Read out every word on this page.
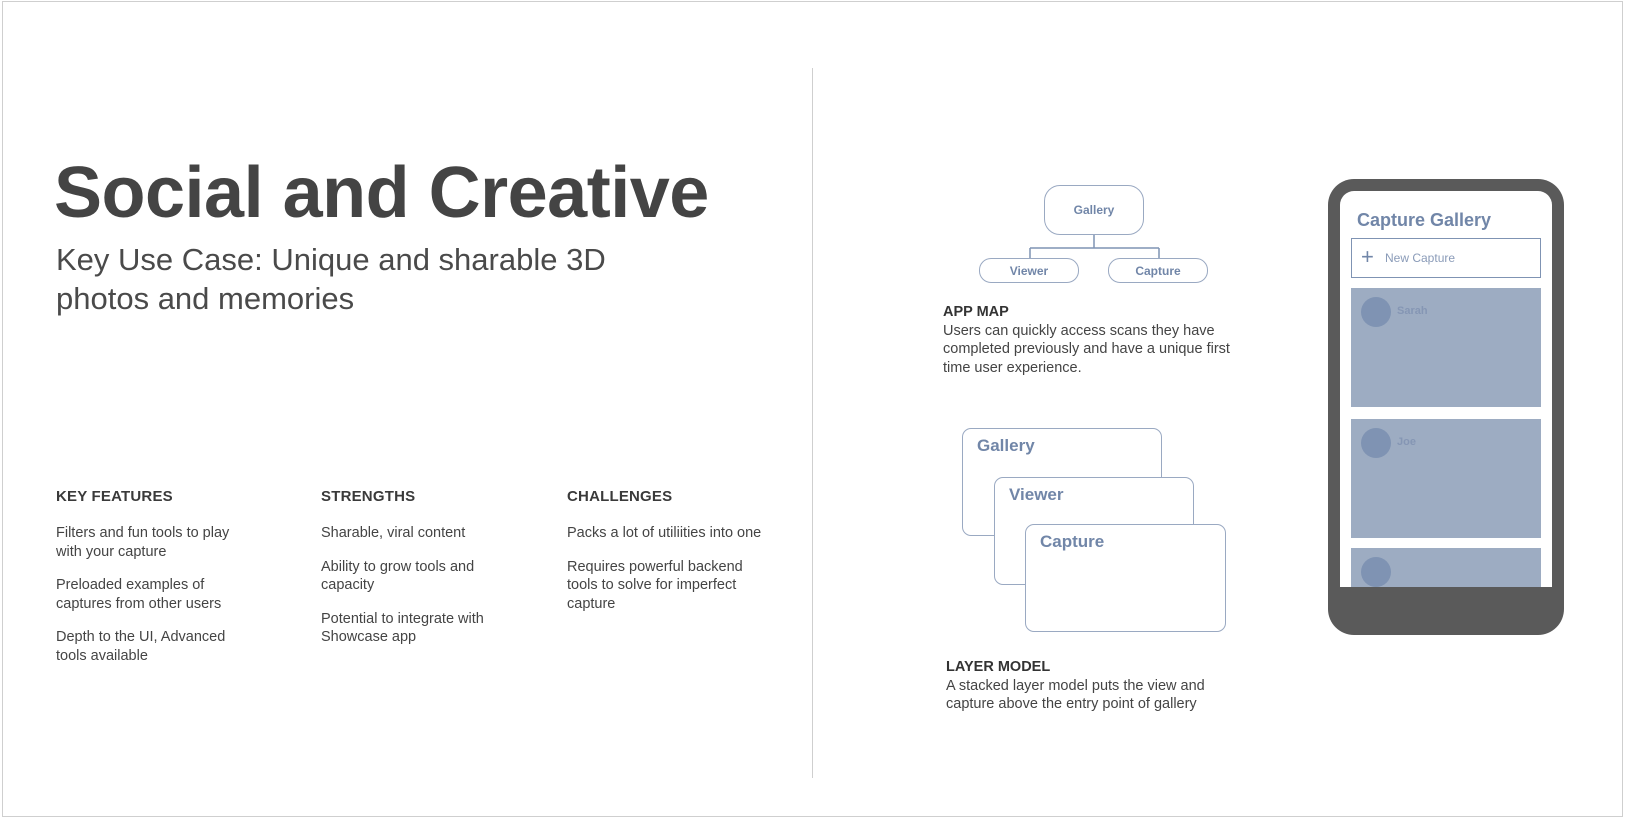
Social and Creative
Key Use Case: Unique and sharable 3D photos and memories
KEY FEATURES
Filters and fun tools to play with your capture
Preloaded examples of captures from other users
Depth to the UI, Advanced tools available
STRENGTHS
Sharable, viral content
Ability to grow tools and capacity
Potential to integrate with Showcase app
CHALLENGES
Packs a lot of utiliities into one
Requires powerful backend tools to solve for imperfect capture
Gallery
Viewer	Capture
APP MAP
Users can quickly access scans they have completed previously and have a unique first time user experience.
Gallery
Viewer
Capture
LAYER MODEL
A stacked layer model puts the view and capture above the entry point of gallery
Capture Gallery
+ New Capture
Sarah
Joe
